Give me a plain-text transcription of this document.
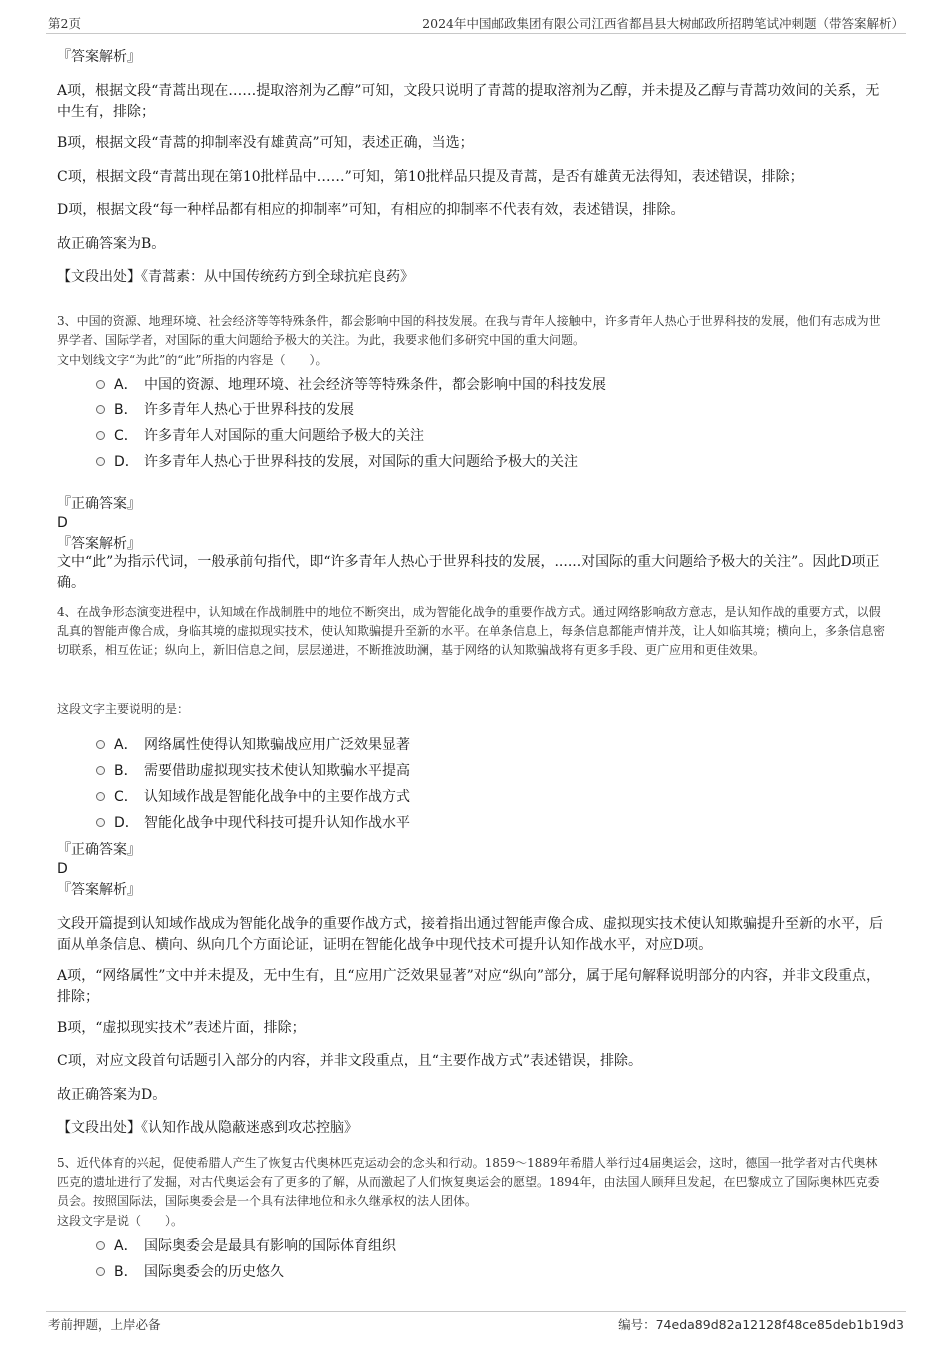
第2页	2024年中国邮政集团有限公司江西省都昌县大树邮政所招聘笔试冲刺题（带答案解析）
『答案解析』
A项，根据文段“青蒿出现在……提取溶剂为乙醇”可知，文段只说明了青蒿的提取溶剂为乙醇，并未提及乙醇与青蒿功效间的关系，无中生有，排除；
B项，根据文段“青蒿的抑制率没有雄黄高”可知，表述正确，当选；
C项，根据文段“青蒿出现在第10批样品中……”可知，第10批样品只提及青蒿，是否有雄黄无法得知，表述错误，排除；
D项，根据文段“每一种样品都有相应的抑制率”可知，有相应的抑制率不代表有效，表述错误，排除。
故正确答案为B。
【文段出处】《青蒿素：从中国传统药方到全球抗疟良药》
3、中国的资源、地理环境、社会经济等等特殊条件，都会影响中国的科技发展。在我与青年人接触中，许多青年人热心于世界科技的发展，他们有志成为世界学者、国际学者，对国际的重大问题给予极大的关注。为此，我要求他们多研究中国的重大问题。
文中划线文字“为此”的“此”所指的内容是（　　）。
A． 中国的资源、地理环境、社会经济等等特殊条件，都会影响中国的科技发展
B． 许多青年人热心于世界科技的发展
C． 许多青年人对国际的重大问题给予极大的关注
D． 许多青年人热心于世界科技的发展，对国际的重大问题给予极大的关注
『正确答案』
D
『答案解析』
文中“此”为指示代词，一般承前句指代，即“许多青年人热心于世界科技的发展，......对国际的重大问题给予极大的关注”。因此D项正确。
4、在战争形态演变进程中，认知域在作战制胜中的地位不断突出，成为智能化战争的重要作战方式。通过网络影响敌方意志，是认知作战的重要方式，以假乱真的智能声像合成，身临其境的虚拟现实技术，使认知欺骗提升至新的水平。在单条信息上，每条信息都能声情并茂，让人如临其境；横向上，多条信息密切联系，相互佐证；纵向上，新旧信息之间，层层递进，不断推波助澜，基于网络的认知欺骗战将有更多手段、更广应用和更佳效果。
这段文字主要说明的是：
A． 网络属性使得认知欺骗战应用广泛效果显著
B． 需要借助虚拟现实技术使认知欺骗水平提高
C． 认知域作战是智能化战争中的主要作战方式
D． 智能化战争中现代科技可提升认知作战水平
『正确答案』
D
『答案解析』
文段开篇提到认知域作战成为智能化战争的重要作战方式，接着指出通过智能声像合成、虚拟现实技术使认知欺骗提升至新的水平，后面从单条信息、横向、纵向几个方面论证，证明在智能化战争中现代技术可提升认知作战水平，对应D项。
A项，“网络属性”文中并未提及，无中生有，且“应用广泛效果显著”对应“纵向”部分，属于尾句解释说明部分的内容，并非文段重点，排除；
B项，“虚拟现实技术”表述片面，排除；
C项，对应文段首句话题引入部分的内容，并非文段重点，且“主要作战方式”表述错误，排除。
故正确答案为D。
【文段出处】《认知作战从隐蔽迷惑到攻芯控脑》
5、近代体育的兴起，促使希腊人产生了恢复古代奥林匹克运动会的念头和行动。1859～1889年希腊人举行过4届奥运会，这时，德国一批学者对古代奥林匹克的遗址进行了发掘，对古代奥运会有了更多的了解，从而激起了人们恢复奥运会的愿望。1894年，由法国人顾拜旦发起，在巴黎成立了国际奥林匹克委员会。按照国际法，国际奥委会是一个具有法律地位和永久继承权的法人团体。
这段文字是说（　　）。
A． 国际奥委会是最具有影响的国际体育组织
B． 国际奥委会的历史悠久
考前押题，上岸必备	编号：74eda89d82a12128f48ce85deb1b19d3
